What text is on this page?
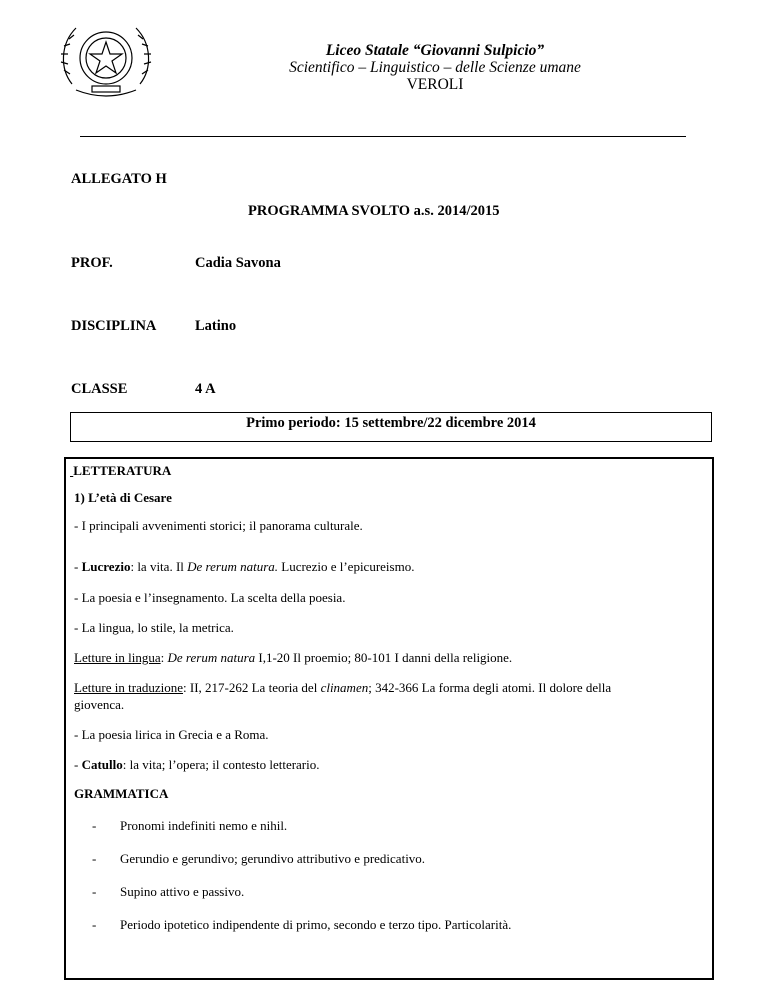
Liceo Statale “Giovanni Sulpicio”
Scientifico – Linguistico – delle Scienze umane
VEROLI
ALLEGATO H
PROGRAMMA SVOLTO a.s. 2014/2015
PROF.	Cadia Savona
DISCIPLINA	Latino
CLASSE	4 A
Primo periodo: 15 settembre/22 dicembre 2014
LETTERATURA
1) L’età di Cesare
- I principali avvenimenti storici; il panorama culturale.
- Lucrezio: la vita. Il De rerum natura. Lucrezio e l’epicureismo.
- La poesia e l’insegnamento. La scelta della poesia.
- La lingua, lo stile, la metrica.
Letture in lingua: De rerum natura I,1-20 Il proemio; 80-101 I danni della religione.
Letture in traduzione: II, 217-262 La teoria del clinamen; 342-366 La forma degli atomi. Il dolore della
giovenca.
- La poesia lirica in Grecia e a Roma.
- Catullo: la vita; l’opera; il contesto letterario.
GRAMMATICA
- Pronomi indefiniti nemo e nihil.
- Gerundio e gerundivo; gerundivo attributivo e predicativo.
- Supino attivo e passivo.
- Periodo ipotetico indipendente di primo, secondo e terzo tipo. Particolarità.
